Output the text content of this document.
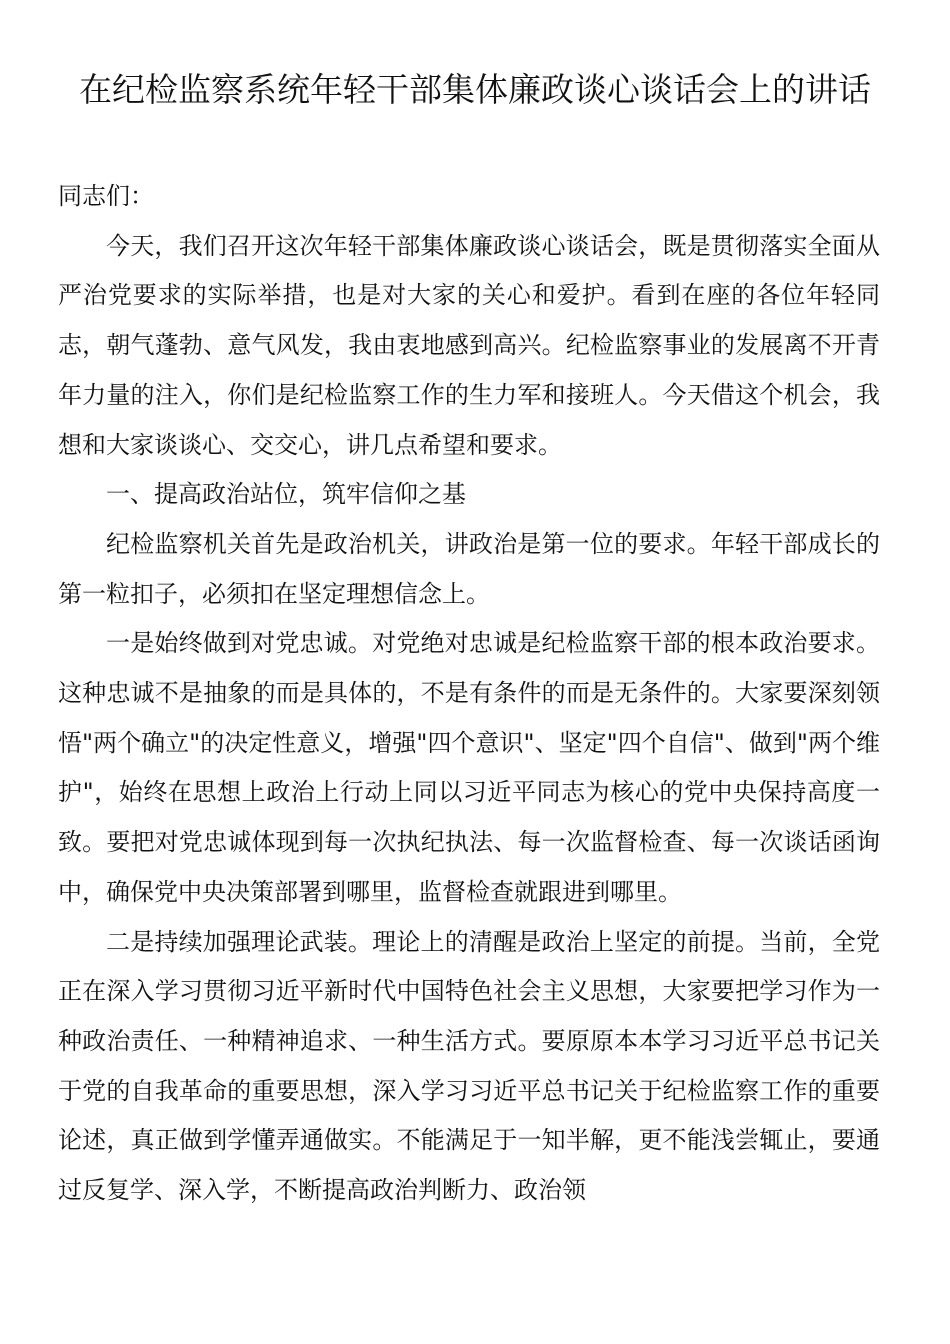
在纪检监察系统年轻干部集体廉政谈心谈话会上的讲话

同志们：

今天，我们召开这次年轻干部集体廉政谈心谈话会，既是贯彻落实全面从严治党要求的实际举措，也是对大家的关心和爱护。看到在座的各位年轻同志，朝气蓬勃、意气风发，我由衷地感到高兴。纪检监察事业的发展离不开青年力量的注入，你们是纪检监察工作的生力军和接班人。今天借这个机会，我想和大家谈谈心、交交心，讲几点希望和要求。

一、提高政治站位，筑牢信仰之基

纪检监察机关首先是政治机关，讲政治是第一位的要求。年轻干部成长的第一粒扣子，必须扣在坚定理想信念上。

一是始终做到对党忠诚。对党绝对忠诚是纪检监察干部的根本政治要求。这种忠诚不是抽象的而是具体的，不是有条件的而是无条件的。大家要深刻领悟"两个确立"的决定性意义，增强"四个意识"、坚定"四个自信"、做到"两个维护"，始终在思想上政治上行动上同以习近平同志为核心的党中央保持高度一致。要把对党忠诚体现到每一次执纪执法、每一次监督检查、每一次谈话函询中，确保党中央决策部署到哪里，监督检查就跟进到哪里。

二是持续加强理论武装。理论上的清醒是政治上坚定的前提。当前，全党正在深入学习贯彻习近平新时代中国特色社会主义思想，大家要把学习作为一种政治责任、一种精神追求、一种生活方式。要原原本本学习习近平总书记关于党的自我革命的重要思想，深入学习习近平总书记关于纪检监察工作的重要论述，真正做到学懂弄通做实。不能满足于一知半解，更不能浅尝辄止，要通过反复学、深入学，不断提高政治判断力、政治领
